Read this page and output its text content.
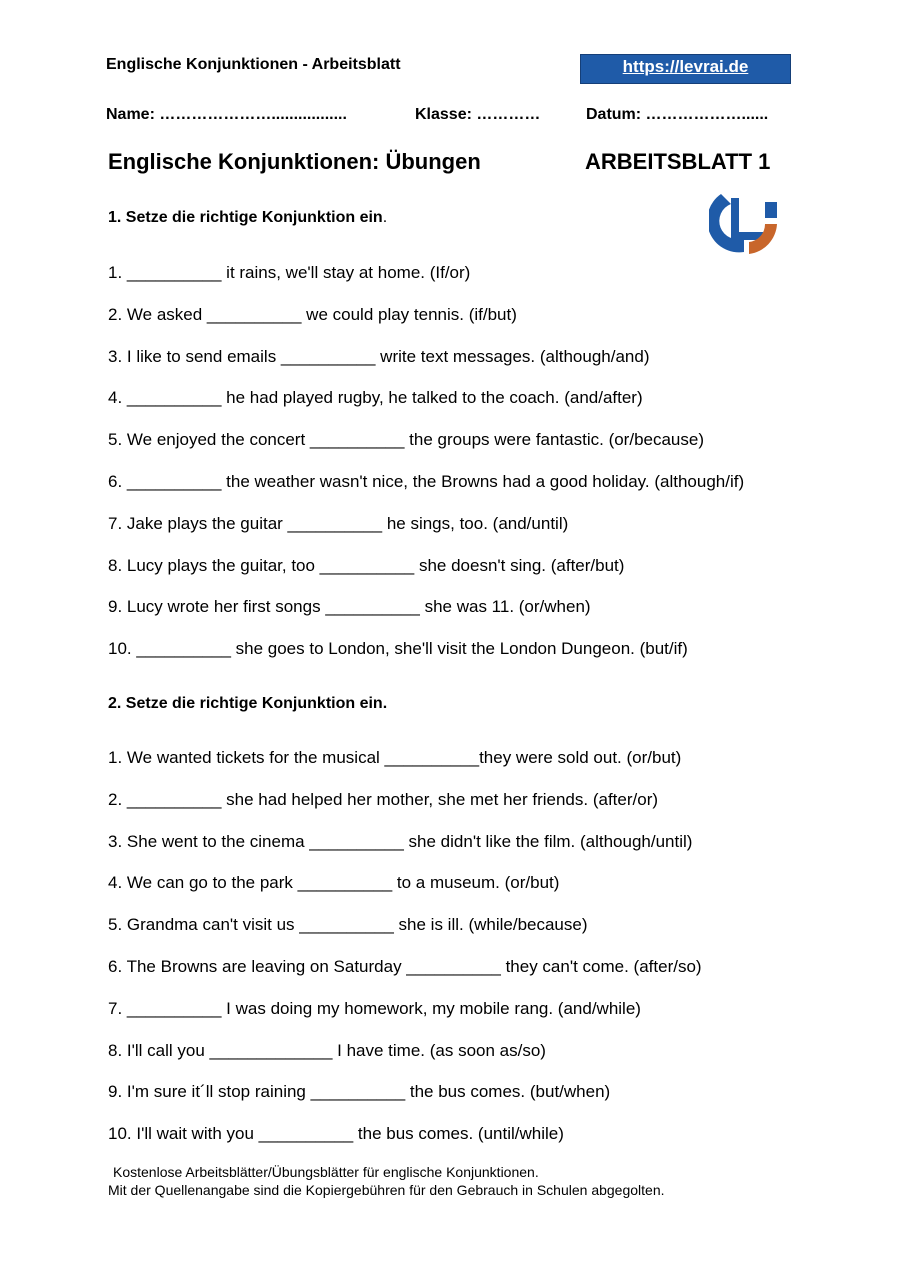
Englische Konjunktionen - Arbeitsblatt	https://levrai.de
Name: ………………….................	Klasse: …………	Datum: ………………......
Englische Konjunktionen: Übungen	ARBEITSBLATT 1
1. Setze die richtige Konjunktion ein.
1. __________ it rains, we'll stay at home. (If/or)
2. We asked __________ we could play tennis. (if/but)
3. I like to send emails __________ write text messages. (although/and)
4. __________ he had played rugby, he talked to the coach. (and/after)
5. We enjoyed the concert __________ the groups were fantastic. (or/because)
6. __________ the weather wasn't nice, the Browns had a good holiday. (although/if)
7. Jake plays the guitar __________ he sings, too. (and/until)
8. Lucy plays the guitar, too __________ she doesn't sing. (after/but)
9. Lucy wrote her first songs __________ she was 11. (or/when)
10. __________ she goes to London, she'll visit the London Dungeon. (but/if)
2. Setze die richtige Konjunktion ein.
1. We wanted tickets for the musical __________they were sold out. (or/but)
2. __________ she had helped her mother, she met her friends. (after/or)
3. She went to the cinema __________ she didn't like the film. (although/until)
4. We can go to the park __________ to a museum. (or/but)
5. Grandma can't visit us __________ she is ill. (while/because)
6. The Browns are leaving on Saturday __________ they can't come. (after/so)
7. __________ I was doing my homework, my mobile rang. (and/while)
8. I'll call you _____________ I have time. (as soon as/so)
9. I'm sure it´ll stop raining __________ the bus comes. (but/when)
10. I'll wait with you __________ the bus comes. (until/while)
Kostenlose Arbeitsblätter/Übungsblätter für englische Konjunktionen.
Mit der Quellenangabe sind die Kopiergebühren für den Gebrauch in Schulen abgegolten.
